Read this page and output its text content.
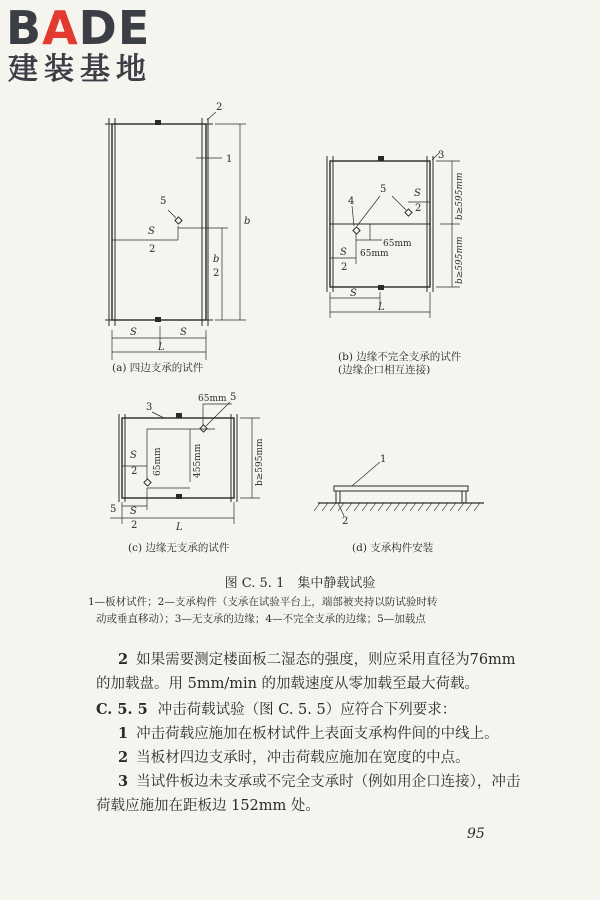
BADE
建装基地
2
1
5
S
2
b
b
2
S	S
L
3
5
4
S
2
65mm
65mm
S
2
b≥595mm
b≥595mm
S
L
3
5
65mm
65mm	455mm	b≥595mm
S
2
S
2
5
L
1
2
(a) 四边支承的试件
(b) 边缘不完全支承的试件
(边缘企口相互连接)
(c) 边缘无支承的试件	(d) 支承构件安装
图 C. 5. 1　集中静载试验
1—板材试件；2—支承构件（支承在试验平台上，端部被夹持以防试验时转
动或垂直移动）；3—无支承的边缘；4—不完全支承的边缘；5—加载点
2 如果需要测定楼面板二湿态的强度，则应采用直径为76mm 的加载盘。用 5mm/min 的加载速度从零加载至最大荷载。
C. 5. 5 冲击荷载试验（图 C. 5. 5）应符合下列要求：
1 冲击荷载应施加在板材试件上表面支承构件间的中线上。
2 当板材四边支承时，冲击荷载应施加在宽度的中点。
3 当试件板边未支承或不完全支承时（例如用企口连接），冲击荷载应施加在距板边 152mm 处。
95
